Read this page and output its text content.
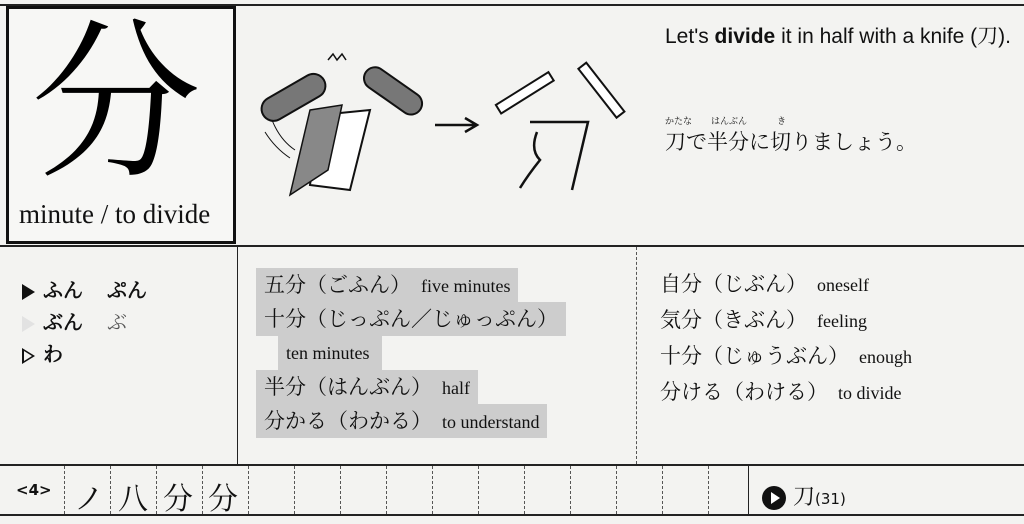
分
minute / to divide
Let's divide it in half with a knife (刀).
かたな はんぶん	き
刀で半分に切りましょう。
ふん ぷん
ぶん ぶ
わ
五分（ごふん） five minutes
十分（じっぷん／じゅっぷん）
ten minutes
半分（はんぶん） half
分かる（わかる） to understand
自分（じぶん） oneself
気分（きぶん） feeling
十分（じゅうぶん） enough
分ける（わける） to divide
<4> ノ 八 分 分	刀(31)
